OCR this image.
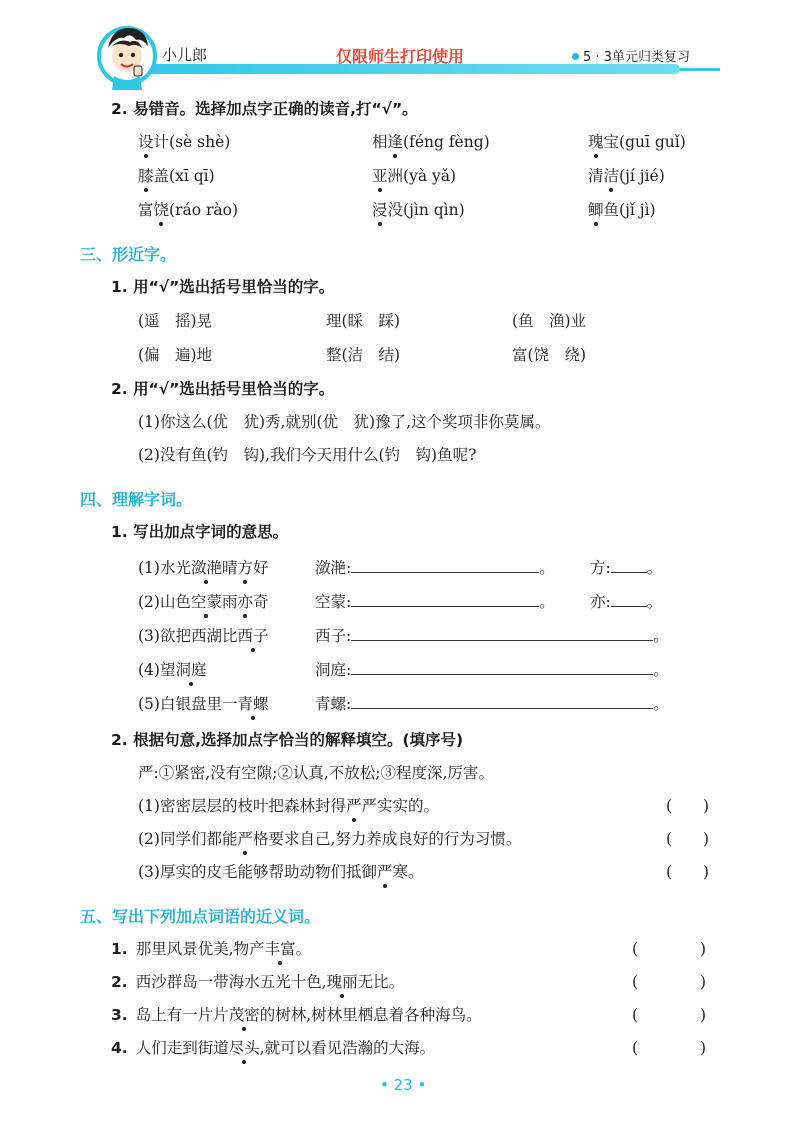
小儿郎	仅限师生打印使用	5 · 3单元归类复习
2. 易错音。选择加点字正确的读音,打“√”。
设计(sè shè)	相逢(féng fèng)	瑰宝(guī guǐ)
膝盖(xī qī)	亚洲(yà yǎ)	清洁(jí jié)
富饶(ráo rào)	浸没(jìn qìn)	鲫鱼(jǐ jì)
三、形近字。
1. 用“√”选出括号里恰当的字。
(遥　摇)晃	理(睬　踩)	(鱼　渔)业
(偏　遍)地	整(洁　结)	富(饶　绕)
2. 用“√”选出括号里恰当的字。
(1)你这么(优　犹)秀,就别(优　犹)豫了,这个奖项非你莫属。
(2)没有鱼(钓　钩),我们今天用什么(钓　钩)鱼呢?
四、理解字词。
1. 写出加点字词的意思。
(1)水光潋滟晴方好	潋滟:	。 方: 。
(2)山色空蒙雨亦奇	空蒙:	。 亦: 。
(3)欲把西湖比西子	西子:	。
(4)望洞庭	洞庭:	。
(5)白银盘里一青螺	青螺:	。
2. 根据句意,选择加点字恰当的解释填空。(填序号)
严:①紧密,没有空隙;②认真,不放松;③程度深,厉害。
(1)密密层层的枝叶把森林封得严严实实的。	(　　)
(2)同学们都能严格要求自己,努力养成良好的行为习惯。	(　　)
(3)厚实的皮毛能够帮助动物们抵御严寒。	(　　)
五、写出下列加点词语的近义词。
1. 那里风景优美,物产丰富。	(　　　　)
2. 西沙群岛一带海水五光十色,瑰丽无比。	(　　　　)
3. 岛上有一片片茂密的树林,树林里栖息着各种海鸟。	(　　　　)
4. 人们走到街道尽头,就可以看见浩瀚的大海。	(　　　　)
• 23 •
